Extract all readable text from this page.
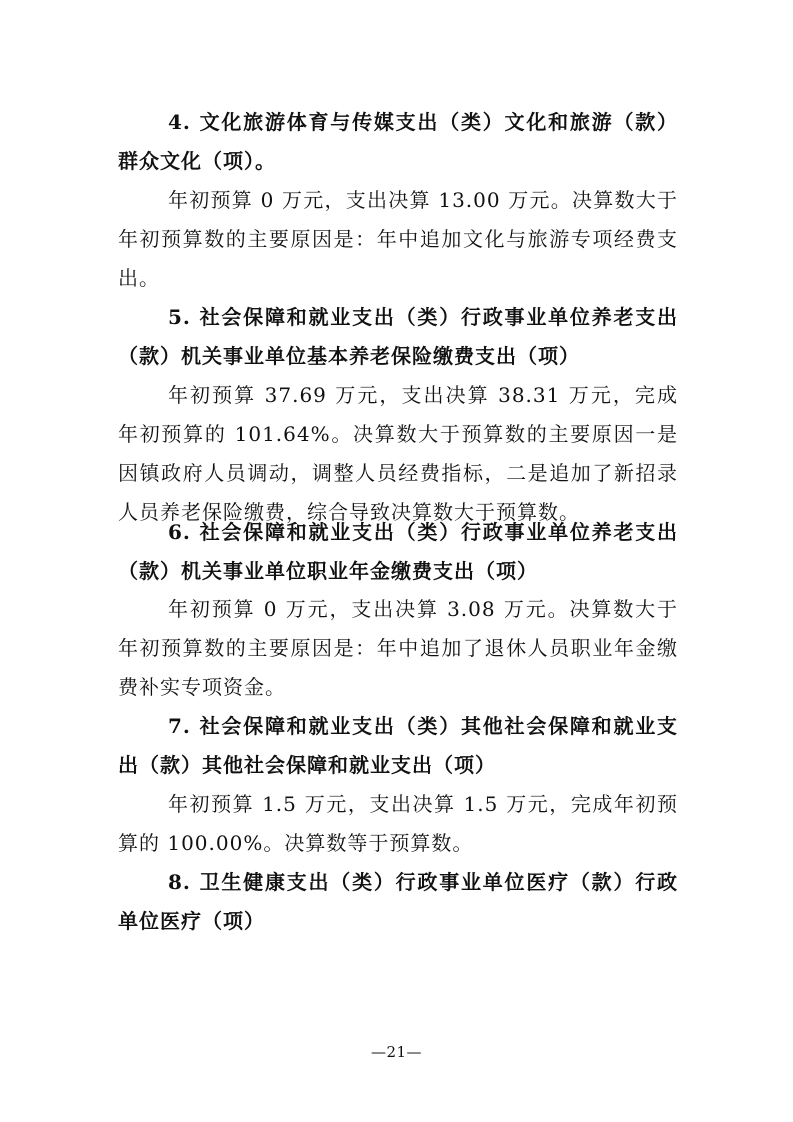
4. 文化旅游体育与传媒支出（类）文化和旅游（款） 群众文化（项）。

年初预算 0 万元，支出决算 13.00 万元。决算数大于年初预算数的主要原因是：年中追加文化与旅游专项经费支出。

5. 社会保障和就业支出（类）行政事业单位养老支出（款）机关事业单位基本养老保险缴费支出（项）

年初预算 37.69 万元，支出决算 38.31 万元，完成年初预算的 101.64%。决算数大于预算数的主要原因一是因镇政府人员调动，调整人员经费指标，二是追加了新招录人员养老保险缴费，综合导致决算数大于预算数。

6. 社会保障和就业支出（类）行政事业单位养老支出（款）机关事业单位职业年金缴费支出（项）

年初预算 0 万元，支出决算 3.08 万元。决算数大于年初预算数的主要原因是：年中追加了退休人员职业年金缴费补实专项资金。

7. 社会保障和就业支出（类）其他社会保障和就业支出（款）其他社会保障和就业支出（项）

年初预算 1.5 万元，支出决算 1.5 万元，完成年初预算的 100.00%。决算数等于预算数。

8. 卫生健康支出（类）行政事业单位医疗（款）行政单位医疗（项）

—21—
